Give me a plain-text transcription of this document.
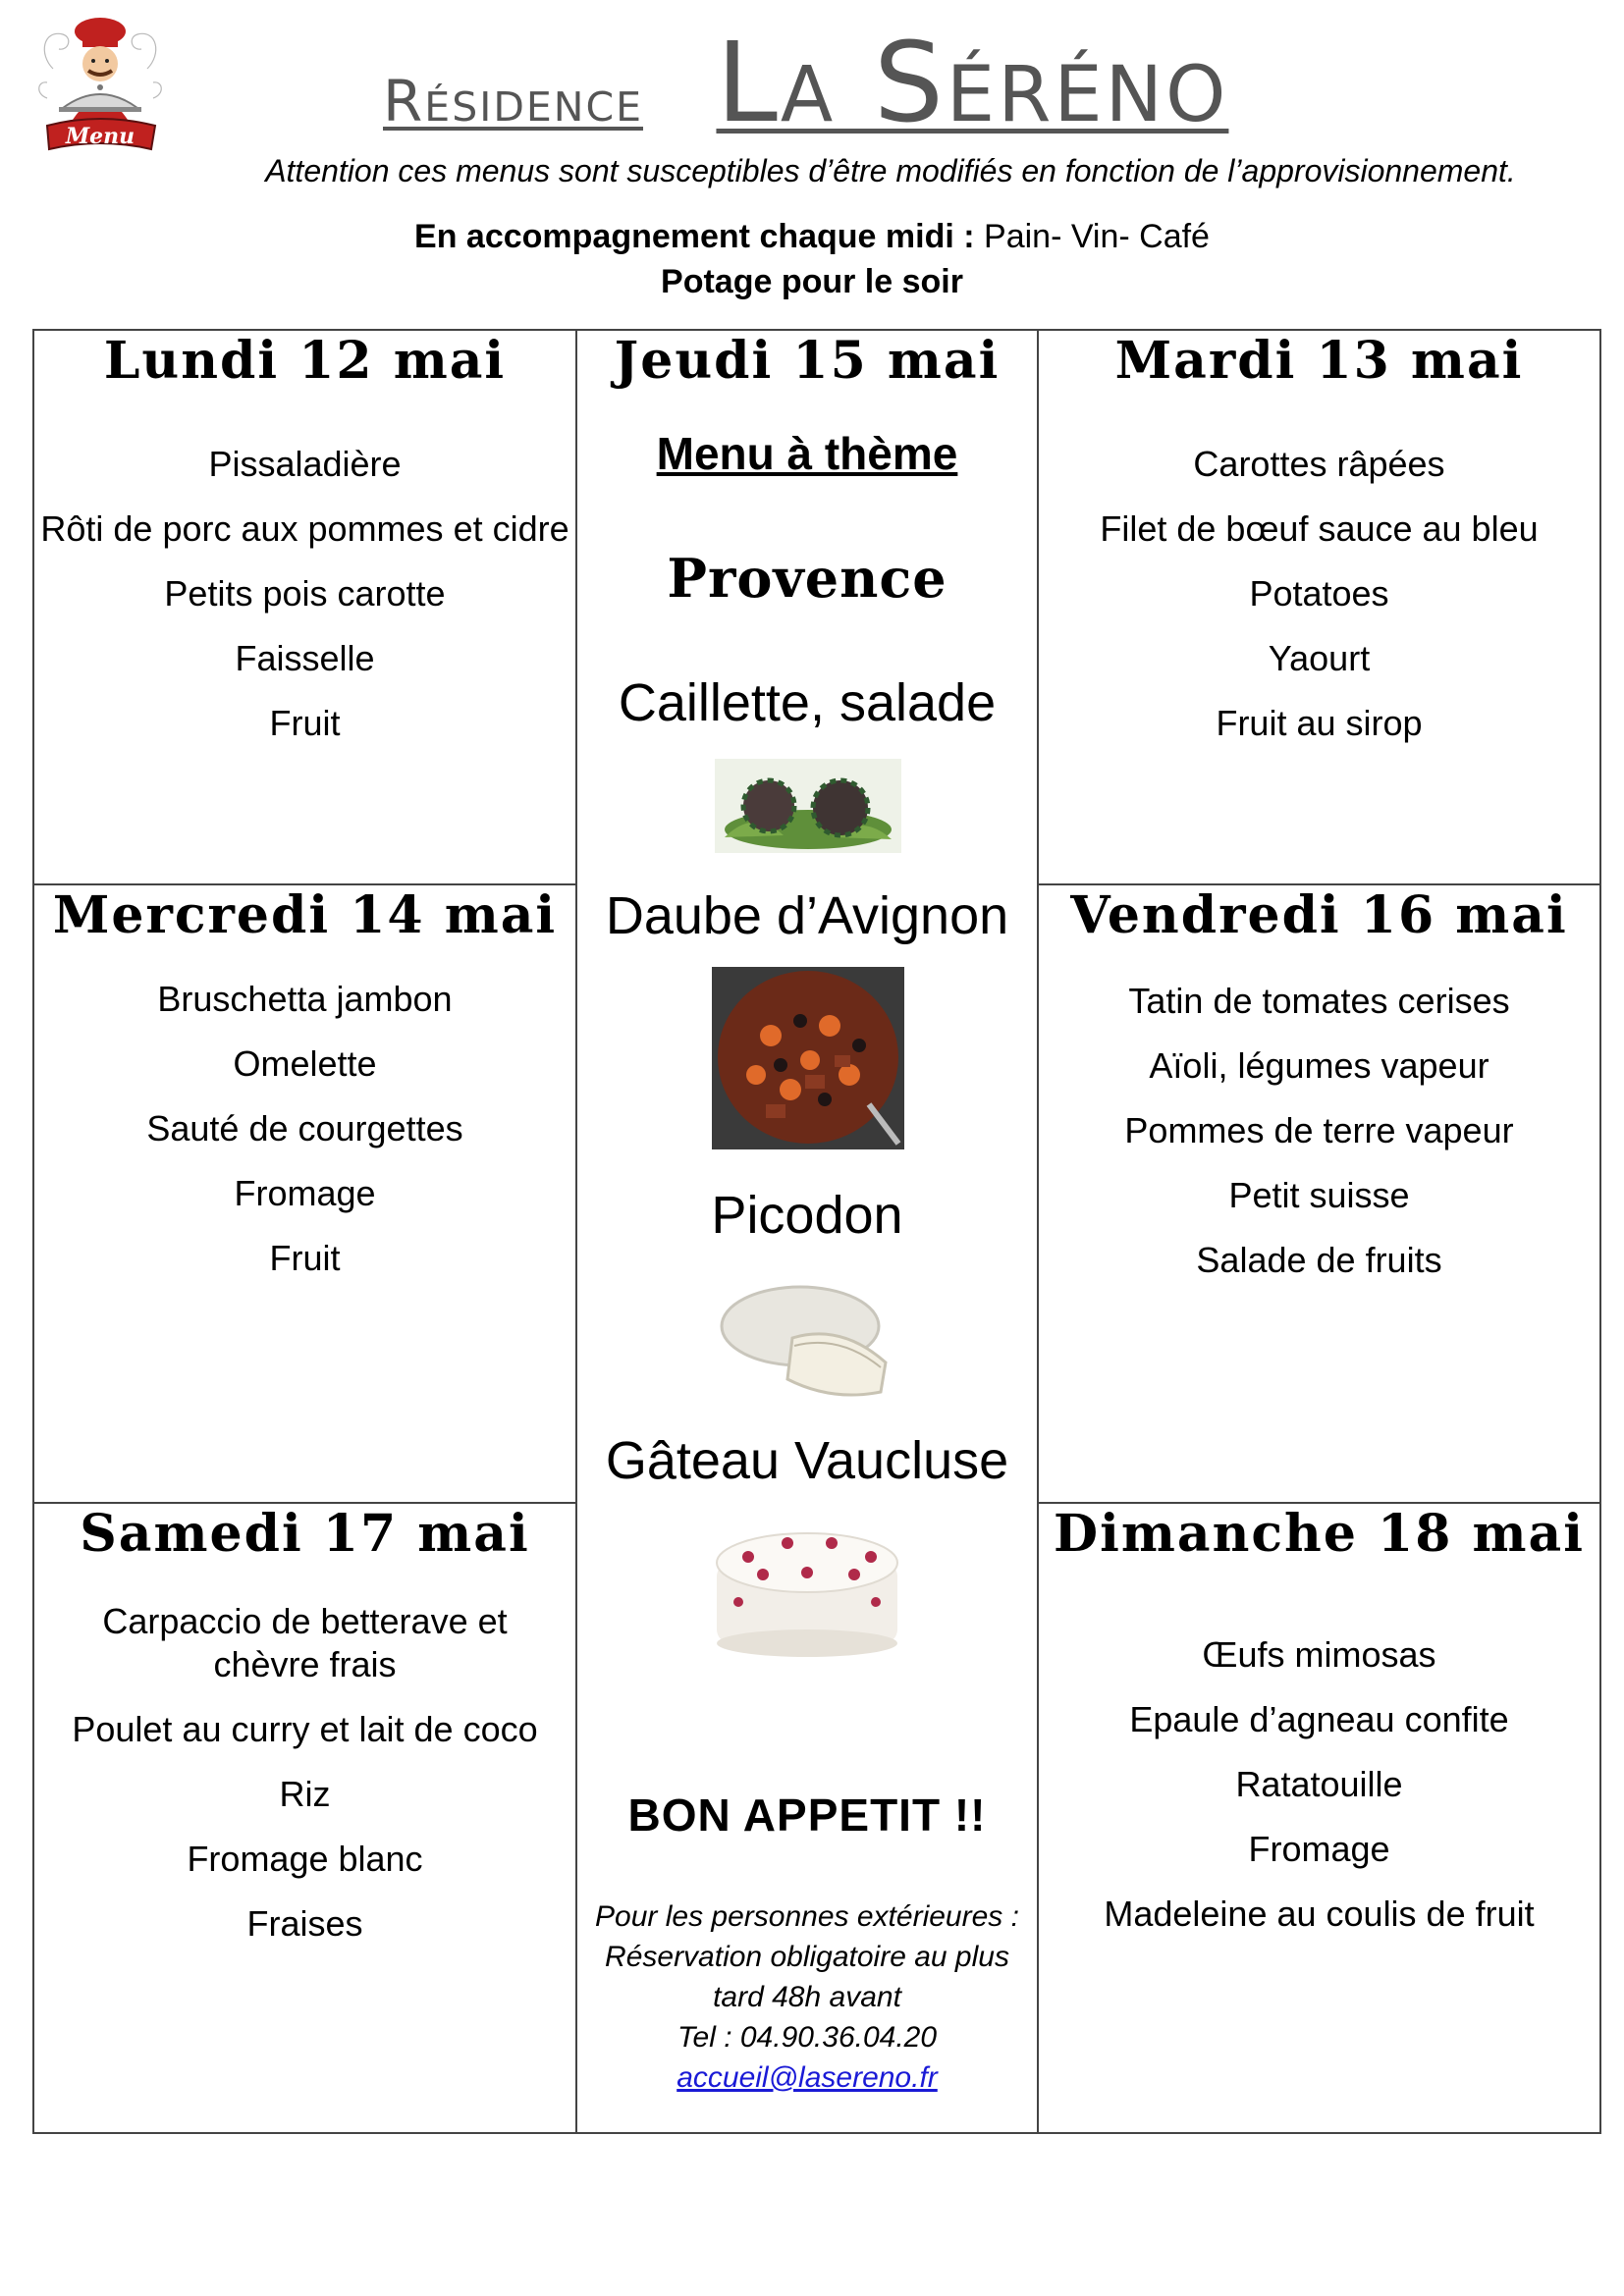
Menu
Résidence La Séréno
Attention ces menus sont susceptibles d’être modifiés en fonction de l’approvisionnement.
En accompagnement chaque midi : Pain- Vin- Café
Potage pour le soir
Lundi 12 mai
Pissaladière
Rôti de porc aux pommes et cidre
Petits pois carotte
Faisselle
Fruit
Mardi 13 mai
Carottes râpées
Filet de bœuf sauce au bleu
Potatoes
Yaourt
Fruit au sirop
Mercredi 14 mai
Bruschetta jambon
Omelette
Sauté de courgettes
Fromage
Fruit
Vendredi 16 mai
Tatin de tomates cerises
Aïoli, légumes vapeur
Pommes de terre vapeur
Petit suisse
Salade de fruits
Samedi 17 mai
Carpaccio de betterave et chèvre frais
Poulet au curry et lait de coco
Riz
Fromage blanc
Fraises
Dimanche 18 mai
Œufs mimosas
Epaule d’agneau confite
Ratatouille
Fromage
Madeleine au coulis de fruit
Jeudi 15 mai
Menu à thème
Provence
Caillette, salade
Daube d’Avignon
Picodon
Gâteau Vaucluse
BON APPETIT !!
Pour les personnes extérieures :
Réservation obligatoire au plus
tard 48h avant
Tel : 04.90.36.04.20
accueil@lasereno.fr
